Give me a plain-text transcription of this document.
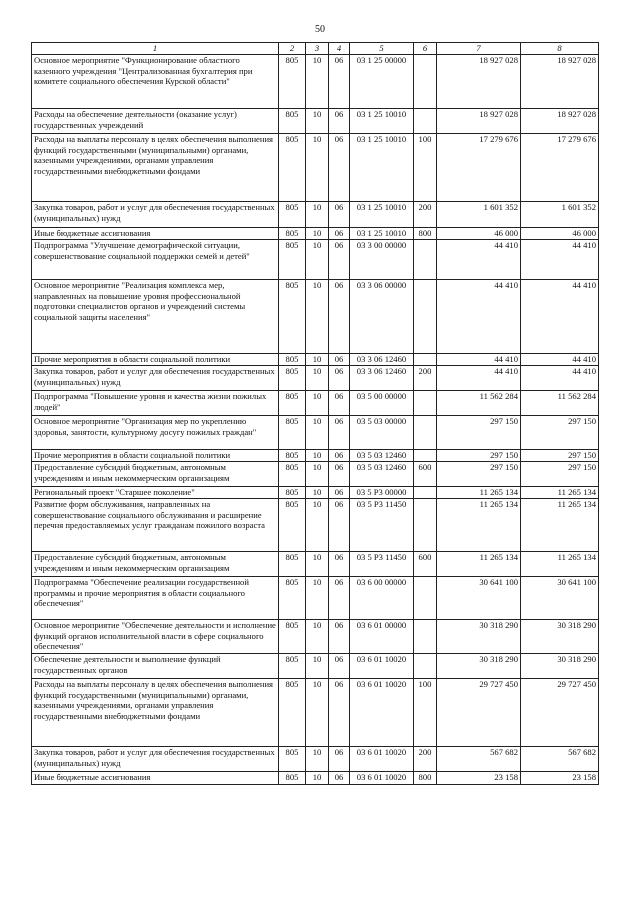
50
1	2	3	4	5	6	7	8
Основное мероприятие "Функционирование областного казенного учреждения "Централизованная бухгалтерия при комитете социального обеспечения Курской области"	805	10	06	03 1 25 00000		18 927 028	18 927 028
Расходы на обеспечение деятельности (оказание услуг) государственных учреждений	805	10	06	03 1 25 10010		18 927 028	18 927 028
Расходы на выплаты персоналу в целях обеспечения выполнения функций государственными (муниципальными) органами, казенными учреждениями, органами управления государственными внебюджетными фондами	805	10	06	03 1 25 10010	100	17 279 676	17 279 676
Закупка товаров, работ и услуг для обеспечения государственных (муниципальных) нужд	805	10	06	03 1 25 10010	200	1 601 352	1 601 352
Иные бюджетные ассигнования	805	10	06	03 1 25 10010	800	46 000	46 000
Подпрограмма "Улучшение демографической ситуации, совершенствование социальной поддержки семей и детей"	805	10	06	03 3 00 00000		44 410	44 410
Основное мероприятие "Реализация комплекса мер, направленных на повышение уровня профессиональной подготовки специалистов органов и учреждений системы социальной защиты населения"	805	10	06	03 3 06 00000		44 410	44 410
Прочие мероприятия в области социальной политики	805	10	06	03 3 06 12460		44 410	44 410
Закупка товаров, работ и услуг для обеспечения государственных (муниципальных) нужд	805	10	06	03 3 06 12460	200	44 410	44 410
Подпрограмма "Повышение уровня и качества жизни пожилых людей"	805	10	06	03 5 00 00000		11 562 284	11 562 284
Основное мероприятие "Организация мер по укреплению здоровья, занятости, культурному досугу пожилых граждан"	805	10	06	03 5 03 00000		297 150	297 150
Прочие мероприятия в области социальной политики	805	10	06	03 5 03 12460		297 150	297 150
Предоставление субсидий бюджетным, автономным учреждениям и иным некоммерческим организациям	805	10	06	03 5 03 12460	600	297 150	297 150
Региональный проект "Старшее поколение"	805	10	06	03 5 P3 00000		11 265 134	11 265 134
Развитие форм обслуживания, направленных на совершенствование социального обслуживания и расширение перечня предоставляемых услуг гражданам пожилого возраста	805	10	06	03 5 P3 11450		11 265 134	11 265 134
Предоставление субсидий бюджетным, автономным учреждениям и иным некоммерческим организациям	805	10	06	03 5 P3 11450	600	11 265 134	11 265 134
Подпрограмма "Обеспечение реализации государственной программы и прочие мероприятия в области социального обеспечения"	805	10	06	03 6 00 00000		30 641 100	30 641 100
Основное мероприятие "Обеспечение деятельности и исполнение функций органов исполнительной власти в сфере социального обеспечения"	805	10	06	03 6 01 00000		30 318 290	30 318 290
Обеспечение деятельности и выполнение функций государственных органов	805	10	06	03 6 01 10020		30 318 290	30 318 290
Расходы на выплаты персоналу в целях обеспечения выполнения функций государственными (муниципальными) органами, казенными учреждениями, органами управления государственными внебюджетными фондами	805	10	06	03 6 01 10020	100	29 727 450	29 727 450
Закупка товаров, работ и услуг для обеспечения государственных (муниципальных) нужд	805	10	06	03 6 01 10020	200	567 682	567 682
Иные бюджетные ассигнования	805	10	06	03 6 01 10020	800	23 158	23 158
